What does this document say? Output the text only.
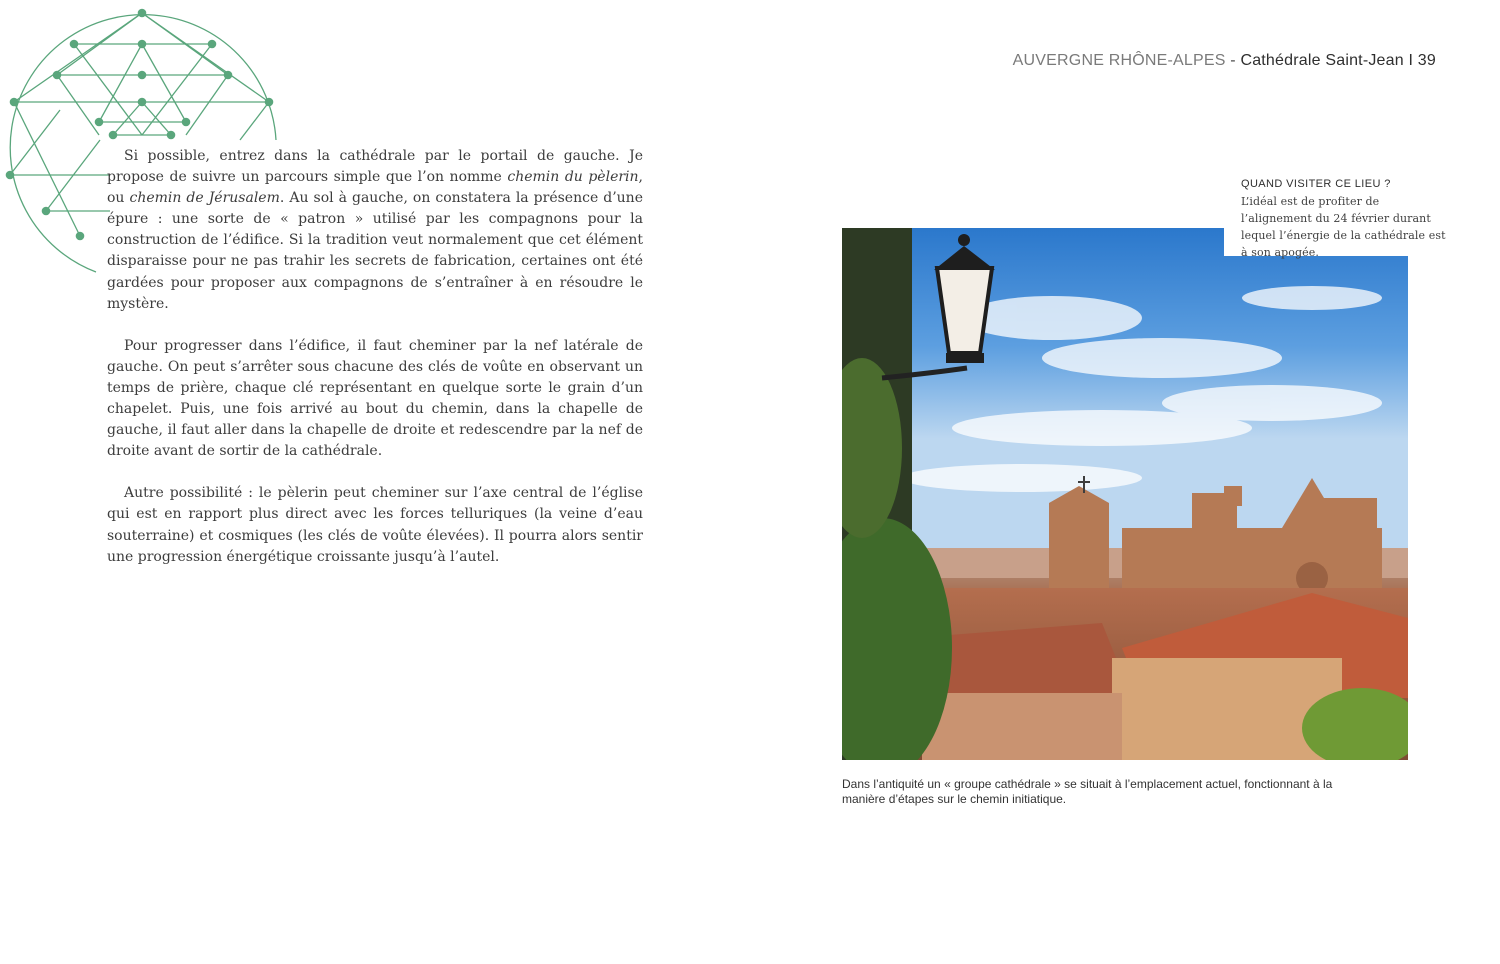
AUVERGNE RHÔNE-ALPES - Cathédrale Saint-Jean I 39

Si possible, entrez dans la cathédrale par le portail de gauche. Je propose de suivre un parcours simple que l’on nomme chemin du pèlerin, ou chemin de Jérusalem. Au sol à gauche, on constatera la présence d’une épure : une sorte de « patron » utilisé par les compagnons pour la construction de l’édifice. Si la tradition veut normalement que cet élément disparaisse pour ne pas trahir les secrets de fabrication, certaines ont été gardées pour proposer aux compagnons de s’entraîner à en résoudre le mystère.

Pour progresser dans l’édifice, il faut cheminer par la nef latérale de gauche. On peut s’arrêter sous chacune des clés de voûte en observant un temps de prière, chaque clé représentant en quelque sorte le grain d’un chapelet. Puis, une fois arrivé au bout du chemin, dans la chapelle de gauche, il faut aller dans la chapelle de droite et redescendre par la nef de droite avant de sortir de la cathédrale.

Autre possibilité : le pèlerin peut cheminer sur l’axe central de l’église qui est en rapport plus direct avec les forces telluriques (la veine d’eau souterraine) et cosmiques (les clés de voûte élevées). Il pourra alors sentir une progression énergétique croissante jusqu’à l’autel.

QUAND VISITER CE LIEU ?
L’idéal est de profiter de l’alignement du 24 février durant lequel l’énergie de la cathédrale est à son apogée.
Dans l’antiquité un « groupe cathédrale » se situait à l’emplacement actuel, fonctionnant à la manière d’étapes sur le chemin initiatique.
